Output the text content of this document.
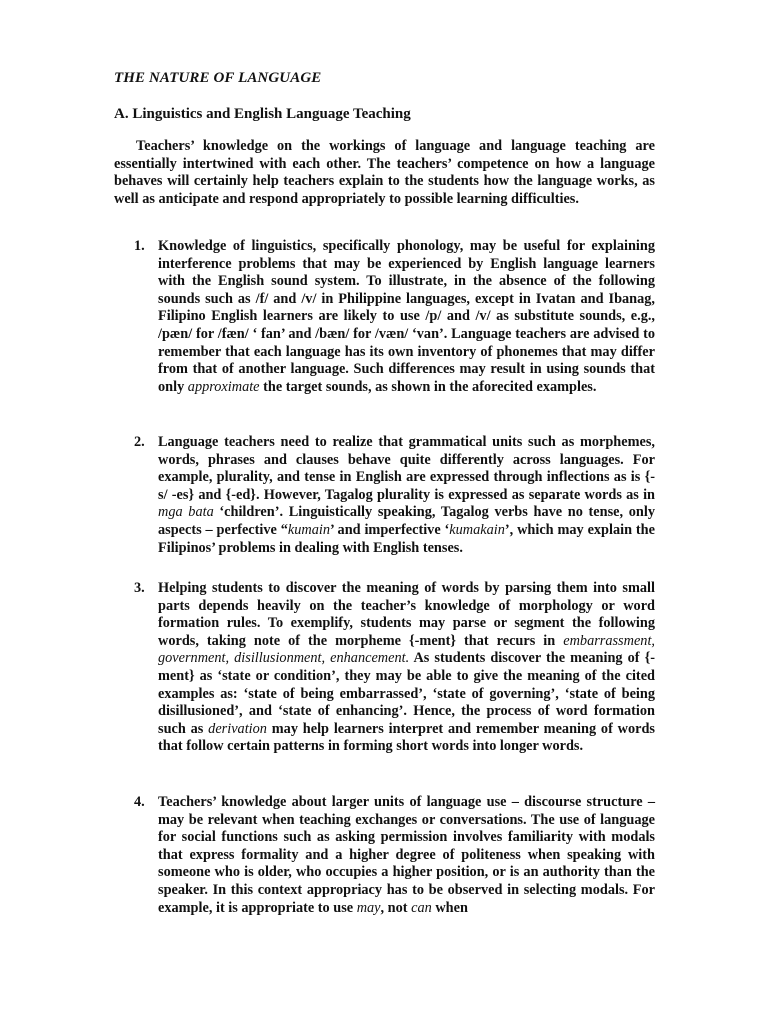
THE NATURE OF LANGUAGE
A. Linguistics and English Language Teaching

Teachers’ knowledge on the workings of language and language teaching are essentially intertwined with each other. The teachers’ competence on how a language behaves will certainly help teachers explain to the students how the language works, as well as anticipate and respond appropriately to possible learning difficulties.

1. Knowledge of linguistics, specifically phonology, may be useful for explaining interference problems that may be experienced by English language learners with the English sound system. To illustrate, in the absence of the following sounds such as /f/ and /v/ in Philippine languages, except in Ivatan and Ibanag, Filipino English learners are likely to use /p/ and /v/ as substitute sounds, e.g., /pæn/ for /fæn/ ‘ fan’ and /bæn/ for /væn/ ‘van’. Language teachers are advised to remember that each language has its own inventory of phonemes that may differ from that of another language. Such differences may result in using sounds that only approximate the target sounds, as shown in the aforecited examples.
2. Language teachers need to realize that grammatical units such as morphemes, words, phrases and clauses behave quite differently across languages. For example, plurality, and tense in English are expressed through inflections as is {-s/ -es} and {-ed}. However, Tagalog plurality is expressed as separate words as in mga bata ‘children’. Linguistically speaking, Tagalog verbs have no tense, only aspects – perfective “kumain’ and imperfective ‘kumakain’, which may explain the Filipinos’ problems in dealing with English tenses.
3. Helping students to discover the meaning of words by parsing them into small parts depends heavily on the teacher’s knowledge of morphology or word formation rules. To exemplify, students may parse or segment the following words, taking note of the morpheme {-ment} that recurs in embarrassment, government, disillusionment, enhancement. As students discover the meaning of {-ment} as ‘state or condition’, they may be able to give the meaning of the cited examples as: ‘state of being embarrassed’, ‘state of governing’, ‘state of being disillusioned’, and ‘state of enhancing’. Hence, the process of word formation such as derivation may help learners interpret and remember meaning of words that follow certain patterns in forming short words into longer words.
4. Teachers’ knowledge about larger units of language use – discourse structure – may be relevant when teaching exchanges or conversations. The use of language for social functions such as asking permission involves familiarity with modals that express formality and a higher degree of politeness when speaking with someone who is older, who occupies a higher position, or is an authority than the speaker. In this context appropriacy has to be observed in selecting modals. For example, it is appropriate to use may, not can when
